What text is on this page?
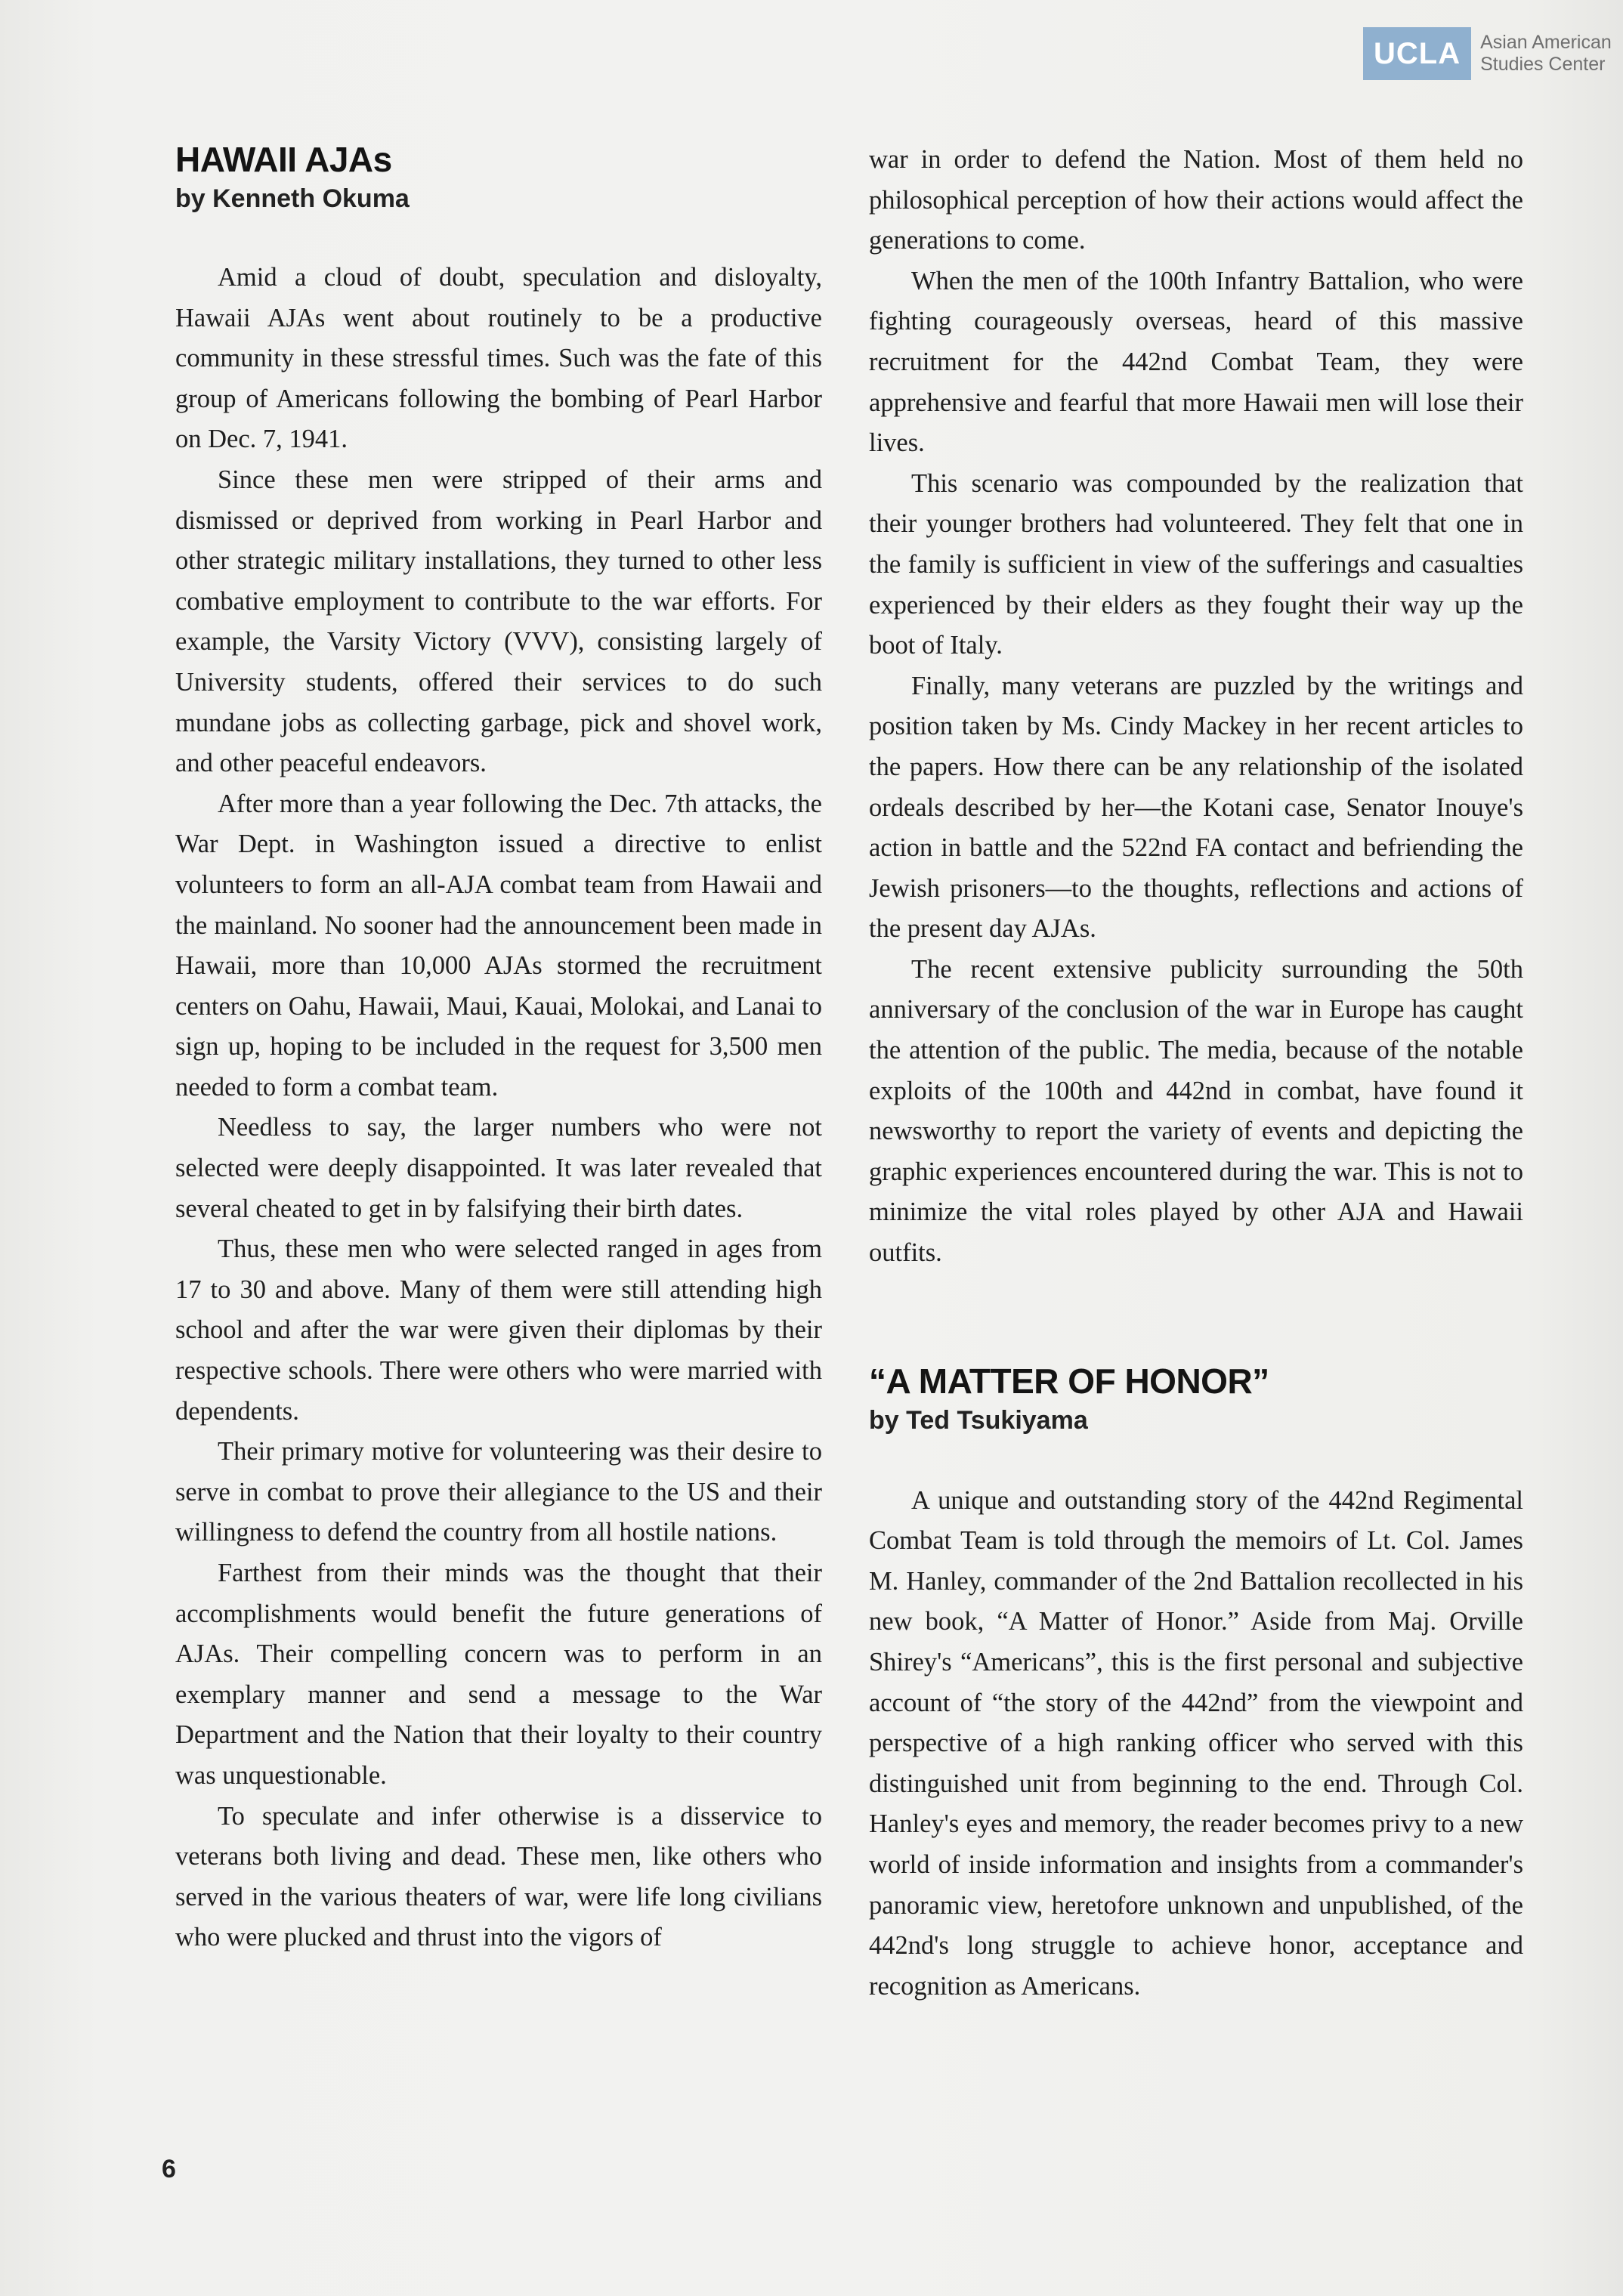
UCLA	Asian American
Studies Center
HAWAII AJAs
by Kenneth Okuma

Amid a cloud of doubt, speculation and disloyalty, Hawaii AJAs went about routinely to be a productive community in these stressful times. Such was the fate of this group of Americans following the bombing of Pearl Harbor on Dec. 7, 1941.

Since these men were stripped of their arms and dismissed or deprived from working in Pearl Harbor and other strategic military installations, they turned to other less combative employment to contribute to the war efforts. For example, the Varsity Victory (VVV), consisting largely of University students, offered their services to do such mundane jobs as collecting garbage, pick and shovel work, and other peaceful endeavors.

After more than a year following the Dec. 7th attacks, the War Dept. in Washington issued a directive to enlist volunteers to form an all-AJA combat team from Hawaii and the mainland. No sooner had the announcement been made in Hawaii, more than 10,000 AJAs stormed the recruitment centers on Oahu, Hawaii, Maui, Kauai, Molokai, and Lanai to sign up, hoping to be included in the request for 3,500 men needed to form a combat team.

Needless to say, the larger numbers who were not selected were deeply disappointed. It was later revealed that several cheated to get in by falsifying their birth dates.

Thus, these men who were selected ranged in ages from 17 to 30 and above. Many of them were still attending high school and after the war were given their diplomas by their respective schools. There were others who were married with dependents.

Their primary motive for volunteering was their desire to serve in combat to prove their allegiance to the US and their willingness to defend the country from all hostile nations.

Farthest from their minds was the thought that their accomplishments would benefit the future generations of AJAs. Their compelling concern was to perform in an exemplary manner and send a message to the War Department and the Nation that their loyalty to their country was unquestionable.

To speculate and infer otherwise is a disservice to veterans both living and dead. These men, like others who served in the various theaters of war, were life long civilians who were plucked and thrust into the vigors of

war in order to defend the Nation. Most of them held no philosophical perception of how their actions would affect the generations to come.

When the men of the 100th Infantry Battalion, who were fighting courageously overseas, heard of this massive recruitment for the 442nd Combat Team, they were apprehensive and fearful that more Hawaii men will lose their lives.

This scenario was compounded by the realization that their younger brothers had volunteered. They felt that one in the family is sufficient in view of the sufferings and casualties experienced by their elders as they fought their way up the boot of Italy.

Finally, many veterans are puzzled by the writings and position taken by Ms. Cindy Mackey in her recent articles to the papers. How there can be any relationship of the isolated ordeals described by her—the Kotani case, Senator Inouye's action in battle and the 522nd FA contact and befriending the Jewish prisoners—to the thoughts, reflections and actions of the present day AJAs.

The recent extensive publicity surrounding the 50th anniversary of the conclusion of the war in Europe has caught the attention of the public. The media, because of the notable exploits of the 100th and 442nd in combat, have found it newsworthy to report the variety of events and depicting the graphic experiences encountered during the war. This is not to minimize the vital roles played by other AJA and Hawaii outfits.

“A MATTER OF HONOR”
by Ted Tsukiyama

A unique and outstanding story of the 442nd Regimental Combat Team is told through the memoirs of Lt. Col. James M. Hanley, commander of the 2nd Battalion recollected in his new book, “A Matter of Honor.” Aside from Maj. Orville Shirey's “Americans”, this is the first personal and subjective account of “the story of the 442nd” from the viewpoint and perspective of a high ranking officer who served with this distinguished unit from beginning to the end. Through Col. Hanley's eyes and memory, the reader becomes privy to a new world of inside information and insights from a commander's panoramic view, heretofore unknown and unpublished, of the 442nd's long struggle to achieve honor, acceptance and recognition as Americans.

6
